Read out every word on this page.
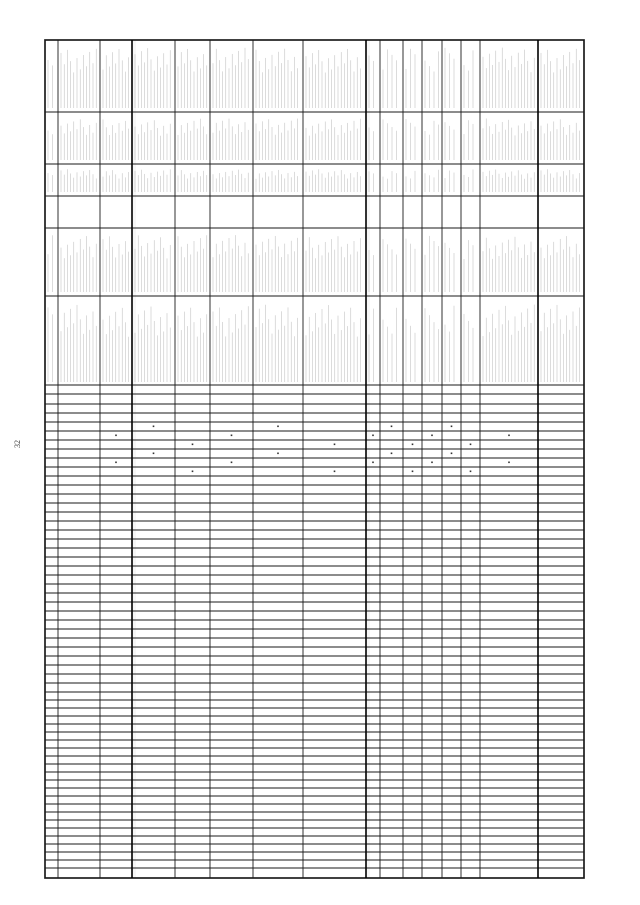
32
